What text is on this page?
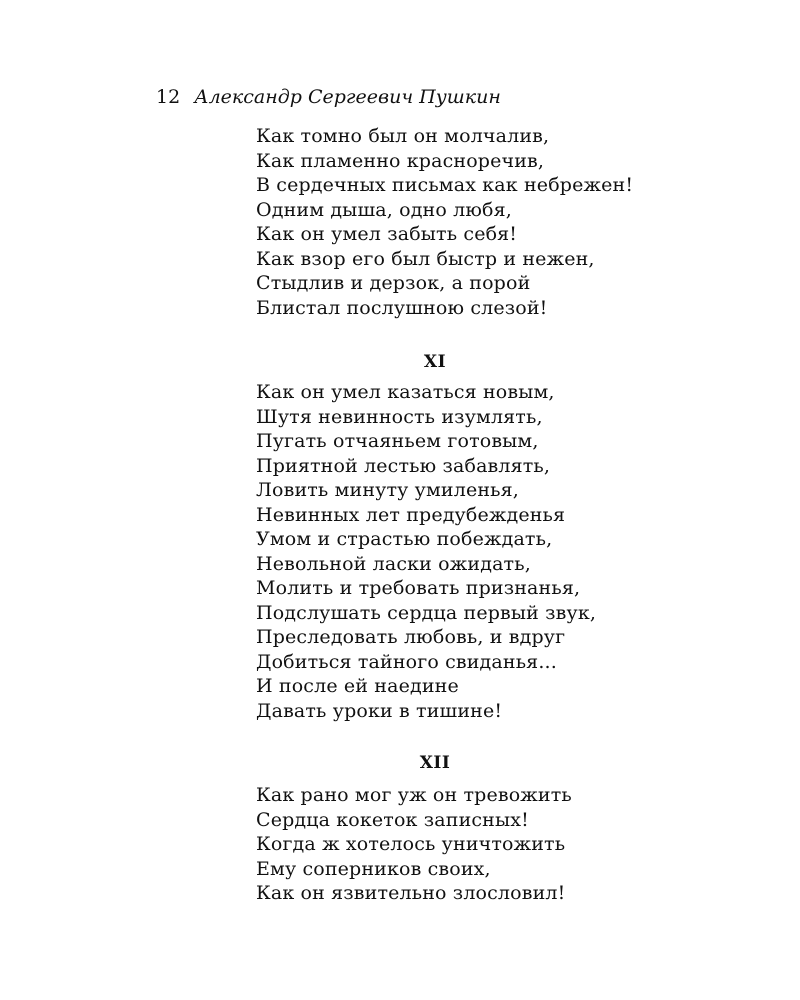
12 Александр Сергеевич Пушкин
Как томно был он молчалив,
Как пламенно красноречив,
В сердечных письмах как небрежен!
Одним дыша, одно любя,
Как он умел забыть себя!
Как взор его был быстр и нежен,
Стыдлив и дерзок, а порой
Блистал послушною слезой!
XI
Как он умел казаться новым,
Шутя невинность изумлять,
Пугать отчаяньем готовым,
Приятной лестью забавлять,
Ловить минуту умиленья,
Невинных лет предубежденья
Умом и страстью побеждать,
Невольной ласки ожидать,
Молить и требовать признанья,
Подслушать сердца первый звук,
Преследовать любовь, и вдруг
Добиться тайного свиданья...
И после ей наедине
Давать уроки в тишине!
XII
Как рано мог уж он тревожить
Сердца кокеток записных!
Когда ж хотелось уничтожить
Ему соперников своих,
Как он язвительно злословил!
